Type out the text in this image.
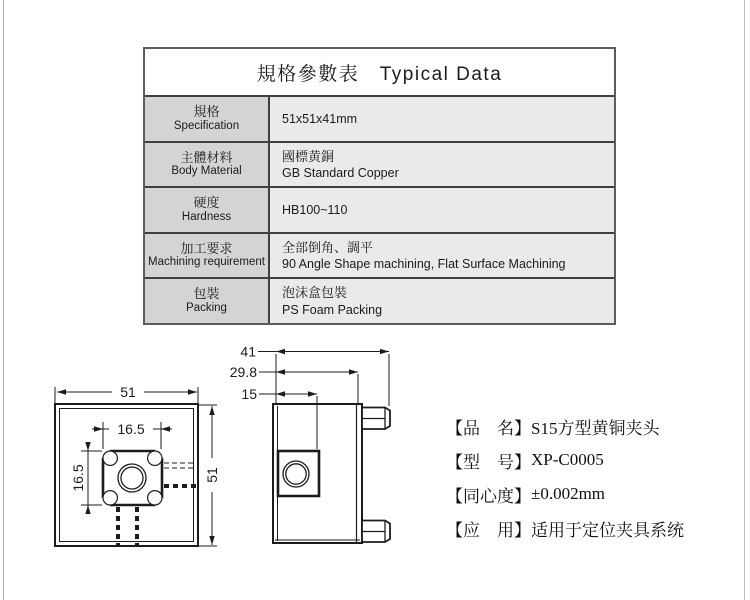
規格參數表　Typical Data
規格
Specification
51x51x41mm
主體材料
Body Material
國標黄銅
GB Standard Copper
硬度
Hardness
HB100~110
加工要求
Machining requirement
全部倒角、調平
90 Angle Shape machining, Flat Surface Machining
包裝
Packing
泡沫盒包裝
PS Foam Packing
51
51
16.5
16.5
41
29.8
15
【品　名】 S15方型黄铜夹头
【型　号】 XP-C0005
【同心度】 ±0.002mm
【应　用】 适用于定位夹具系统
